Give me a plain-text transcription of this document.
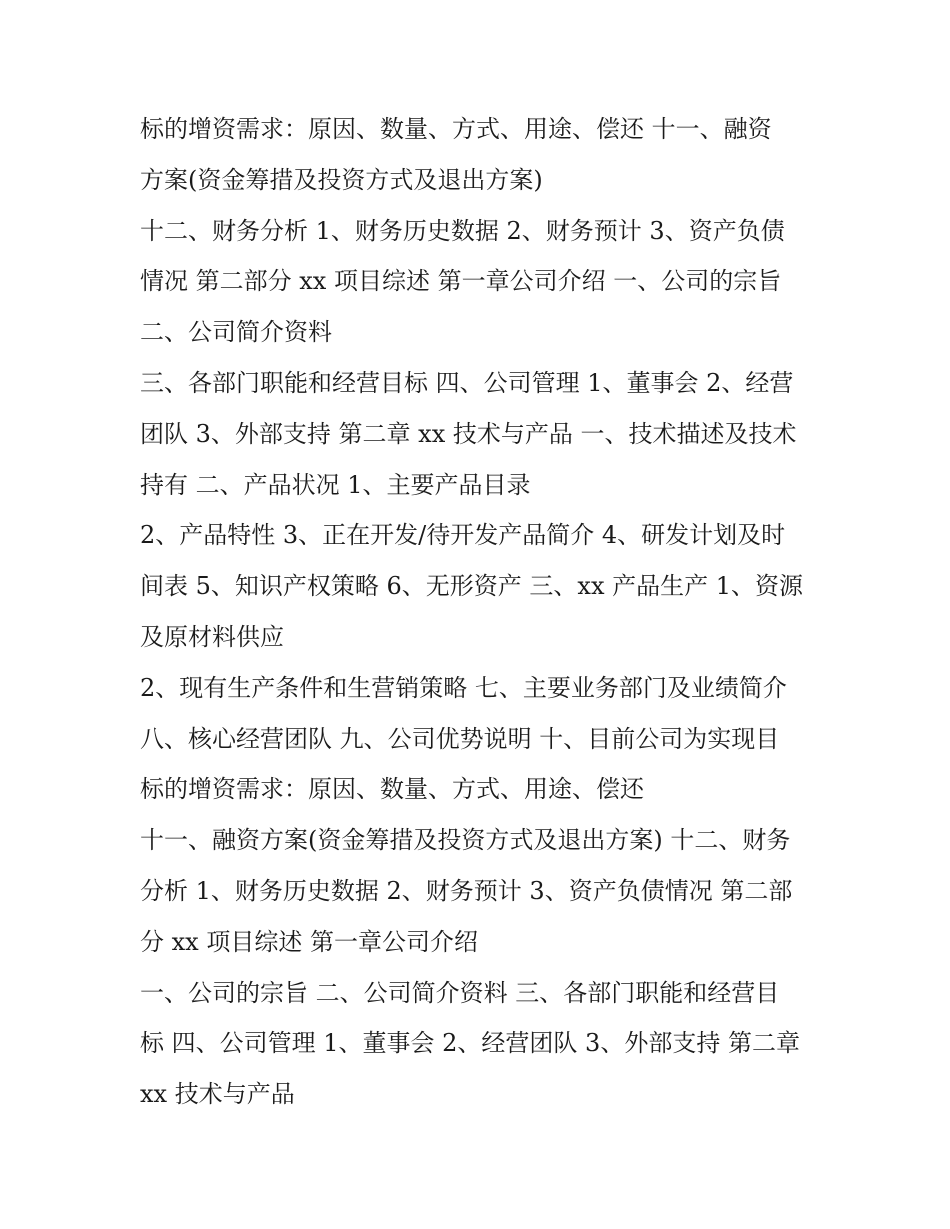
标的增资需求：原因、数量、方式、用途、偿还 十一、融资
方案(资金筹措及投资方式及退出方案)
十二、财务分析 1、财务历史数据 2、财务预计 3、资产负债
情况 第二部分 xx 项目综述 第一章公司介绍 一、公司的宗旨
二、公司简介资料
三、各部门职能和经营目标 四、公司管理 1、董事会 2、经营
团队 3、外部支持 第二章 xx 技术与产品 一、技术描述及技术
持有 二、产品状况 1、主要产品目录
2、产品特性 3、正在开发/待开发产品简介 4、研发计划及时
间表 5、知识产权策略 6、无形资产 三、xx 产品生产 1、资源
及原材料供应
2、现有生产条件和生营销策略 七、主要业务部门及业绩简介
八、核心经营团队 九、公司优势说明 十、目前公司为实现目
标的增资需求：原因、数量、方式、用途、偿还
十一、融资方案(资金筹措及投资方式及退出方案) 十二、财务
分析 1、财务历史数据 2、财务预计 3、资产负债情况 第二部
分 xx 项目综述 第一章公司介绍
一、公司的宗旨 二、公司简介资料 三、各部门职能和经营目
标 四、公司管理 1、董事会 2、经营团队 3、外部支持 第二章
xx 技术与产品
